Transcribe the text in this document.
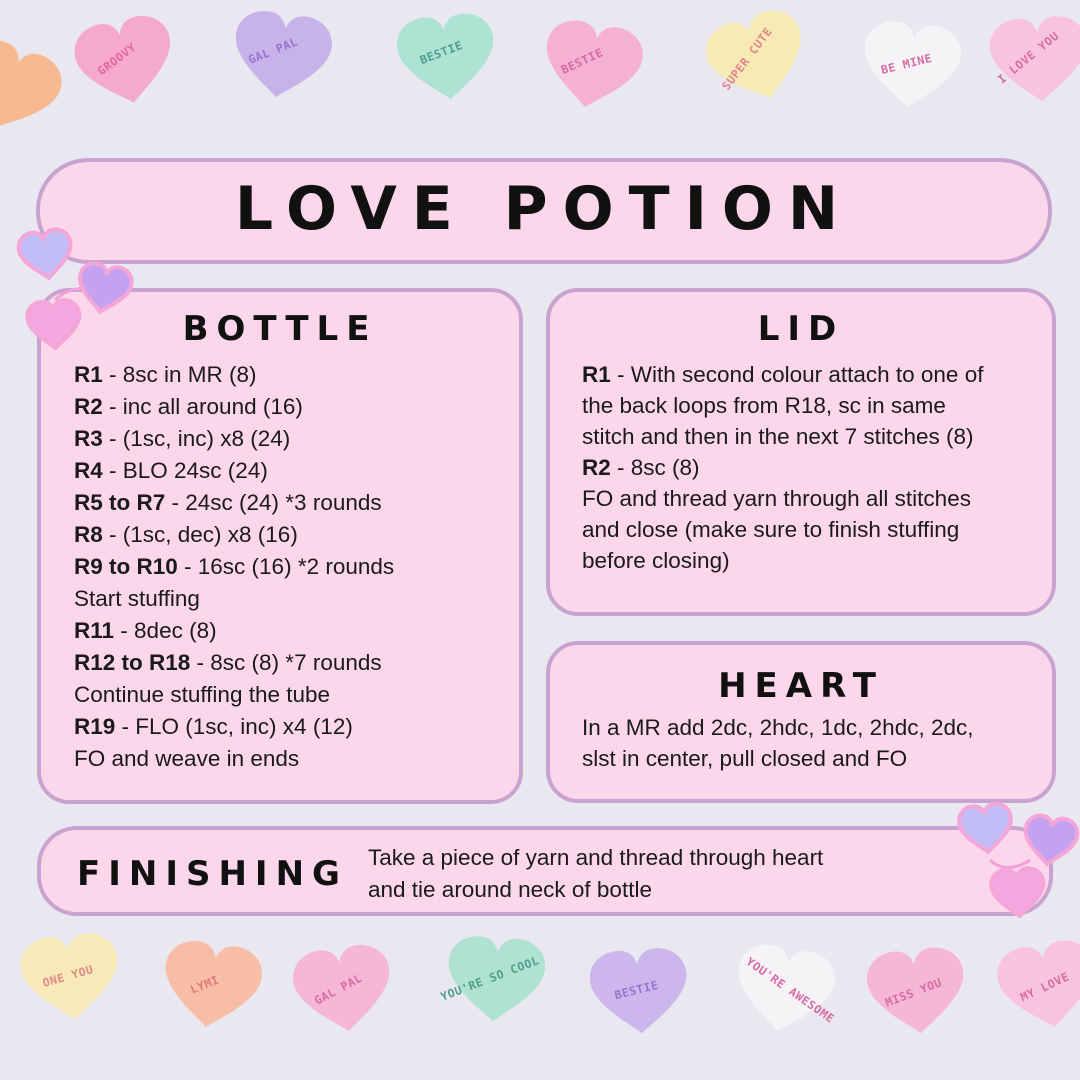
GROOVY	GAL PAL	BESTIE	BESTIE	SUPER CUTE	BE MINE	I LOVE YOU
ONE YOU	LYMI	GAL PAL	YOU'RE SO COOL	BESTIE	YOU'RE AWESOME	MISS YOU	MY LOVE
LOVE POTION
BOTTLE
R1 - 8sc in MR (8)
R2 - inc all around (16)
R3 - (1sc, inc) x8 (24)
R4 - BLO 24sc (24)
R5 to R7 - 24sc (24) *3 rounds
R8 - (1sc, dec) x8 (16)
R9 to R10 - 16sc (16) *2 rounds
Start stuffing
R11 - 8dec (8)
R12 to R18 - 8sc (8) *7 rounds
Continue stuffing the tube
R19 - FLO (1sc, inc) x4 (12)
FO and weave in ends
LID
R1 - With second colour attach to one of
the back loops from R18, sc in same
stitch and then in the next 7 stitches (8)
R2 - 8sc (8)
FO and thread yarn through all stitches
and close (make sure to finish stuffing
before closing)
HEART
In a MR add 2dc, 2hdc, 1dc, 2hdc, 2dc,
slst in center, pull closed and FO
FINISHING Take a piece of yarn and thread through heart
and tie around neck of bottle
